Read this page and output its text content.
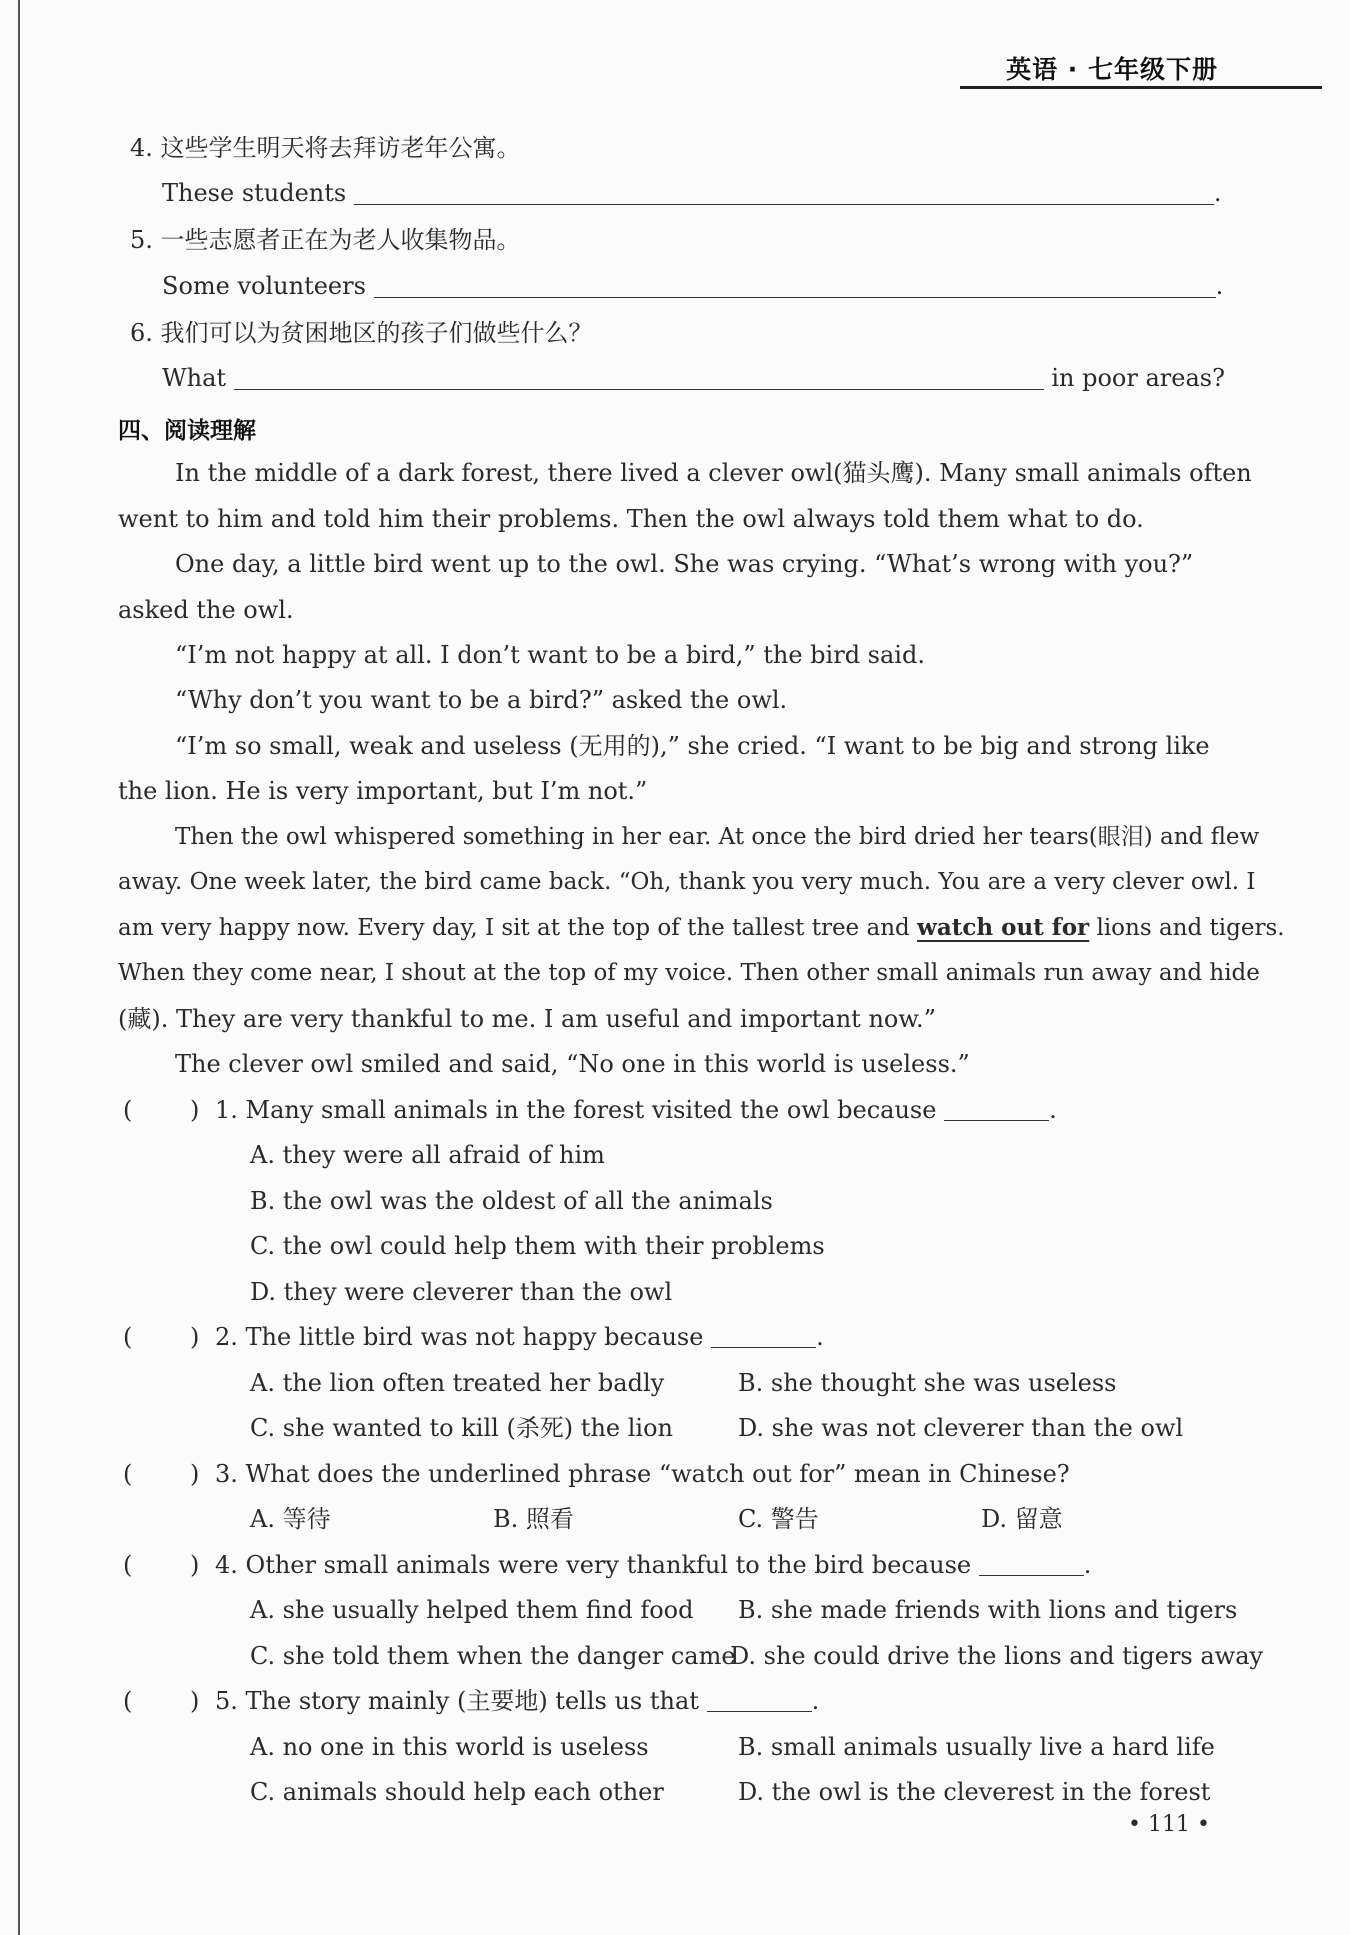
英语 · 七年级下册
4. 这些学生明天将去拜访老年公寓。
These students	.
5. 一些志愿者正在为老人收集物品。
Some volunteers	.
6. 我们可以为贫困地区的孩子们做些什么？
What	in poor areas?
四、阅读理解
In the middle of a dark forest, there lived a clever owl(猫头鹰). Many small animals often
went to him and told him their problems. Then the owl always told them what to do.
One day, a little bird went up to the owl. She was crying. “What’s wrong with you?”
asked the owl.
“I’m not happy at all. I don’t want to be a bird,” the bird said.
“Why don’t you want to be a bird?” asked the owl.
“I’m so small, weak and useless (无用的),” she cried. “I want to be big and strong like
the lion. He is very important, but I’m not.”
Then the owl whispered something in her ear. At once the bird dried her tears(眼泪) and flew
away. One week later, the bird came back. “Oh, thank you very much. You are a very clever owl. I
am very happy now. Every day, I sit at the top of the tallest tree and watch out for lions and tigers.
When they come near, I shout at the top of my voice. Then other small animals run away and hide
(藏). They are very thankful to me. I am useful and important now.”
The clever owl smiled and said, “No one in this world is useless.”
( ) 1. Many small animals in the forest visited the owl because	.
A. they were all afraid of him
B. the owl was the oldest of all the animals
C. the owl could help them with their problems
D. they were cleverer than the owl
( ) 2. The little bird was not happy because	.
A. the lion often treated her badly	B. she thought she was useless
C. she wanted to kill (杀死) the lion	D. she was not cleverer than the owl
( ) 3. What does the underlined phrase “watch out for” mean in Chinese?
A. 等待	B. 照看	C. 警告	D. 留意
( ) 4. Other small animals were very thankful to the bird because	.
A. she usually helped them find food B. she made friends with lions and tigers
C. she told them when the danger came
D. she could drive the lions and tigers away
( ) 5. The story mainly (主要地) tells us that	.
A. no one in this world is useless	B. small animals usually live a hard life
C. animals should help each other	D. the owl is the cleverest in the forest
• 111 •
